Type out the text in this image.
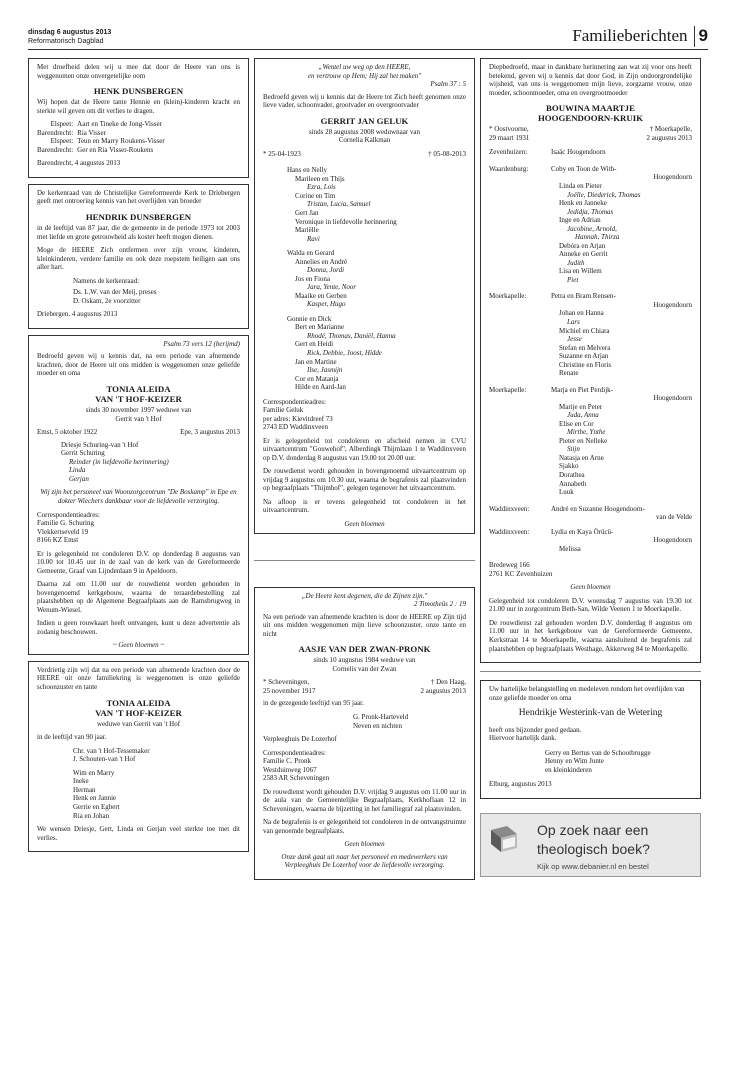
dinsdag 6 augustus 2013
Reformatorisch Dagblad	Familieberichten 9

Met droefheid delen wij u mee dat door de Heere van ons is weggenomen onze onvergetelijke oom

HENK DUNSBERGEN

Wij hopen dat de Heere tante Hennie en (klein)-kinderen kracht en sterkte wil geven om dit verlies te dragen.

Elspeet: Aart en Tineke de Jong-Visser
Barendrecht: Ria Visser
Elspeet: Teun en Marry Roukens-Visser
Barendrecht: Ger en Ria Visser-Roukens

Barendrecht, 4 augustus 2013

De kerkenraad van de Christelijke Gereformeerde Kerk te Driebergen geeft met ontroering kennis van het overlijden van broeder

HENDRIK DUNSBERGEN

in de leeftijd van 87 jaar, die de gemeente in de periode 1973 tot 2003 met liefde en grote getrouwheid als koster heeft mogen dienen.

Moge de HEERE Zich ontfermen over zijn vrouw, kinderen, kleinkinderen, verdere familie en ook deze roepstem heiligen aan ons aller hart.

Namens de kerkenraad:
Ds. L.W. van der Meij, preses
D. Oskam, 2e voorzitter

Driebergen, 4 augustus 2013

Psalm 73 vers 12 (berijmd)

Bedroefd geven wij u kennis dat, na een periode van afnemende krachten, door de Heere uit ons midden is weggenomen onze geliefde moeder en oma

TONIA ALEIDA
VAN 'T HOF-KEIZER
sinds 30 november 1997 weduwe van
Gerrit van 't Hof
Emst, 5 oktober 1922	Epe, 3 augustus 2013
Driesje Schuring-van 't Hof
Gerrit Schuring
Reinder (in liefdevolle herinnering)
Linda
Gerjan

Wij zijn het personeel van Woonzorgcentrum "De Boskamp" in Epe en dokter Wiechers dankbaar voor de liefdevolle verzorging.

Correspondentieadres:
Familie G. Schuring
Vlekkertseveld 19
8166 KZ Emst

Er is gelegenheid tot condoleren D.V. op donderdag 8 augustus van 10.00 tot 10.45 uur in de zaal van de kerk van de Gereformeerde Gemeente, Graaf van Lijndenlaan 9 in Apeldoorn.

Daarna zal om 11.00 uur de rouwdienst worden gehouden in bovengenoemd kerkgebouw, waarna de teraardebestelling zal plaatshebben op de Algemene Begraafplaats aan de Ramsbrugweg in Wenum-Wiesel.

Indien u geen rouwkaart heeft ontvangen, kunt u deze advertentie als zodanig beschouwen.

~ Geen bloemen ~

Verdrietig zijn wij dat na een periode van afnemende krachten door de HEERE uit onze familiekring is weggenomen is onze geliefde schoonzuster en tante

TONIA ALEIDA
VAN 'T HOF-KEIZER
weduwe van Gerrit van 't Hof

in de leeftijd van 90 jaar.

Chr. van 't Hof-Tessemaker
J. Schouten-van 't Hof
Wim en Marry
Ineke
Herman
Henk en Jannie
Gerrie en Egbert
Ria en Johan

We wensen Driesje, Gert, Linda en Gerjan veel sterkte toe met dit verlies.

„Wentel uw weg op den HEERE,
en vertrouw op Hem; Hij zal het maken"
Psalm 37 : 5

Bedroefd geven wij u kennis dat de Heere tot Zich heeft genomen onze lieve vader, schoonvader, grootvader en overgrootvader

GERRIT JAN GELUK
sinds 28 augustus 2008 weduwnaar van
Cornelia Kalkman
* 25-04-1923	† 05-08-2013
Hans en Nelly
Marileen en Thijs
Ezra, Lois
Corine en Tim
Tristan, Lucia, Samuel
Gert Jan
Veronique in liefdevolle herinnering
Mariëlle
Ravi
Walda en Gerard
Annelies en André
Donna, Jordi
Jos en Fiona
Jara, Yente, Noor
Maaike en Gerben
Kasper, Hugo
Gonnie en Dick
Bert en Marianne
Rhodé, Thomas, Daniël, Hanna
Gert en Heidi
Rick, Debbie, Joost, Hidde
Jan en Martine
Ilse, Jasmijn
Cor en Matanja
Hilde en Aard-Jan
Correspondentieadres:
Familie Geluk
per adres: Kievitdreef 73
2743 ED Waddinxveen

Er is gelegenheid tot condoleren en afscheid nemen in CVU uitvaartcentrum "Gouwehof", Alberdingk Thijmlaan 1 te Waddinxveen op D.V. donderdag 8 augustus van 19.00 tot 20.00 uur.

De rouwdienst wordt gehouden in bovengenoemd uitvaartcentrum op vrijdag 9 augustus om 10.30 uur, waarna de begrafenis zal plaatsvinden op begraafplaats "Thijmhof", gelegen tegenover het uitvaartcentrum.

Na afloop is er tevens gelegenheid tot condoleren in het uitvaartcentrum.

Geen bloemen
„De Heere kent degenen, die de Zijnen zijn."
2 Timotheüs 2 : 19

Na een periode van afnemende krachten is door de HEERE op Zijn tijd uit ons midden weggenomen mijn lieve schoonzuster, onze tante en nicht

AASJE VAN DER ZWAN-PRONK
sinds 10 augustus 1984 weduwe van
Cornelis van der Zwan
* Scheveningen,
25 november 1917
† Den Haag,
2 augustus 2013

in de gezegende leeftijd van 95 jaar.

G. Pronk-Harteveld
Neven en nichten

Verpleeghuis De Lozerhof

Correspondentieadres:
Familie C. Pronk
Westduinweg 1067
2583 AR Scheveningen

De rouwdienst wordt gehouden D.V. vrijdag 9 augustus om 11.00 uur in de aula van de Gemeentelijke Begraafplaats, Kerkhoflaan 12 in Scheveningen, waarna de bijzetting in het familiegraf zal plaatsvinden.

Na de begrafenis is er gelegenheid tot condoleren in de ontvangstruimte van genoemde begraafplaats.

Geen bloemen

Onze dank gaat uit naar het personeel en medewerkers van Verpleeghuis De Lozerhof voor de liefdevolle verzorging.

Diepbedroefd, maar in dankbare herinnering aan wat zij voor ons heeft betekend, geven wij u kennis dat door God, in Zijn ondoorgrondelijke wijsheid, van ons is weggenomen mijn lieve, zorgzame vrouw, onze moeder, schoonmoeder, oma en overgrootmoeder

BOUWINA MAARTJE
HOOGENDOORN-KRUIK
* Oostvoorne,
29 maart 1931
† Moerkapelle,
2 augustus 2013
Zevenhuizen:	Isaäc Hoogendoorn
Waardenburg:	Coby en Toon de With-
Hoogendoorn
Linda en Pieter
Joëlle, Diederick, Thomas
Henk en Janneke
Jedidja, Thomas
Inge en Adrian
Jacobine, Arnold,
Hannah, Thirza
Debóra en Arjan
Anneke en Gerrit
Judith
Lisa en Willem
Piet
Moerkapelle:	Petra en Bram Rensen-
Hoogendoorn
Johan en Hanna
Lars
Michiel en Chiara
Jesse
Stefan en Melvera
Suzanne en Arjan
Christine en Floris
Renate
Moerkapelle:	Marja en Piet Perdijk-
Hoogendoorn
Marije en Peter
Juda, Anna
Elise en Cor
Mirthe, Ynthe
Pieter en Nelleke
Stijn
Natasja en Arne
Sjakko
Dorathea
Annabeth
Luuk
Waddinxveen:	André en Suzanne Hoogendoorn-
van de Velde
Waddinxveen:	Lydia en Kaya Örücü-
Hoogendoorn
Melissa
Bredeweg 166
2761 KC Zevenhuizen
Geen bloemen

Gelegenheid tot condoleren D.V. woensdag 7 augustus van 19.30 tot 21.00 uur in zorgcentrum Beth-San, Wilde Veenen 1 te Moerkapelle.

De rouwdienst zal gehouden worden D.V. donderdag 8 augustus om 11.00 uur in het kerkgebouw van de Gereformeerde Gemeente, Kerkstraat 14 te Moerkapelle, waarna aansluitend de begrafenis zal plaatshebben op begraafplaats Westhage, Akkerweg 84 te Moerkapelle.

Uw hartelijke belangstelling en medeleven rondom het overlijden van onze geliefde moeder en oma

Hendrikje Westerink-van de Wetering
heeft ons bijzonder goed gedaan.
Hiervoor hartelijk dank.
Gerry en Bertus van de Schootbrugge
Henny en Wim Junte
en kleinkinderen

Elburg, augustus 2013

Op zoek naar een
theologisch boek?
Kijk op www.debanier.nl en bestel
